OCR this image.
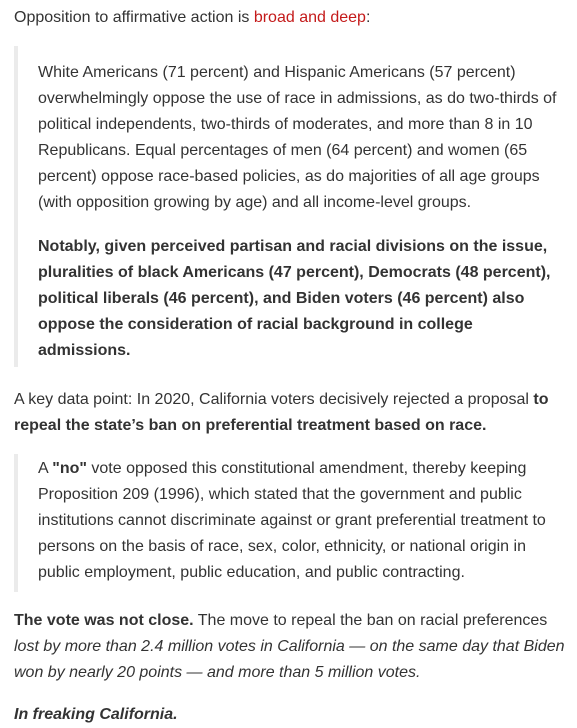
Opposition to affirmative action is broad and deep:

White Americans (71 percent) and Hispanic Americans (57 percent) overwhelmingly oppose the use of race in admissions, as do two-thirds of political independents, two-thirds of moderates, and more than 8 in 10 Republicans. Equal percentages of men (64 percent) and women (65 percent) oppose race-based policies, as do majorities of all age groups (with opposition growing by age) and all income-level groups.

Notably, given perceived partisan and racial divisions on the issue, pluralities of black Americans (47 percent), Democrats (48 percent), political liberals (46 percent), and Biden voters (46 percent) also oppose the consideration of racial background in college admissions.

A key data point: In 2020, California voters decisively rejected a proposal to repeal the state’s ban on preferential treatment based on race.

A "no" vote opposed this constitutional amendment, thereby keeping Proposition 209 (1996), which stated that the government and public institutions cannot discriminate against or grant preferential treatment to persons on the basis of race, sex, color, ethnicity, or national origin in public employment, public education, and public contracting.

The vote was not close. The move to repeal the ban on racial preferences lost by more than 2.4 million votes in California — on the same day that Biden won by nearly 20 points — and more than 5 million votes.

In freaking California.
